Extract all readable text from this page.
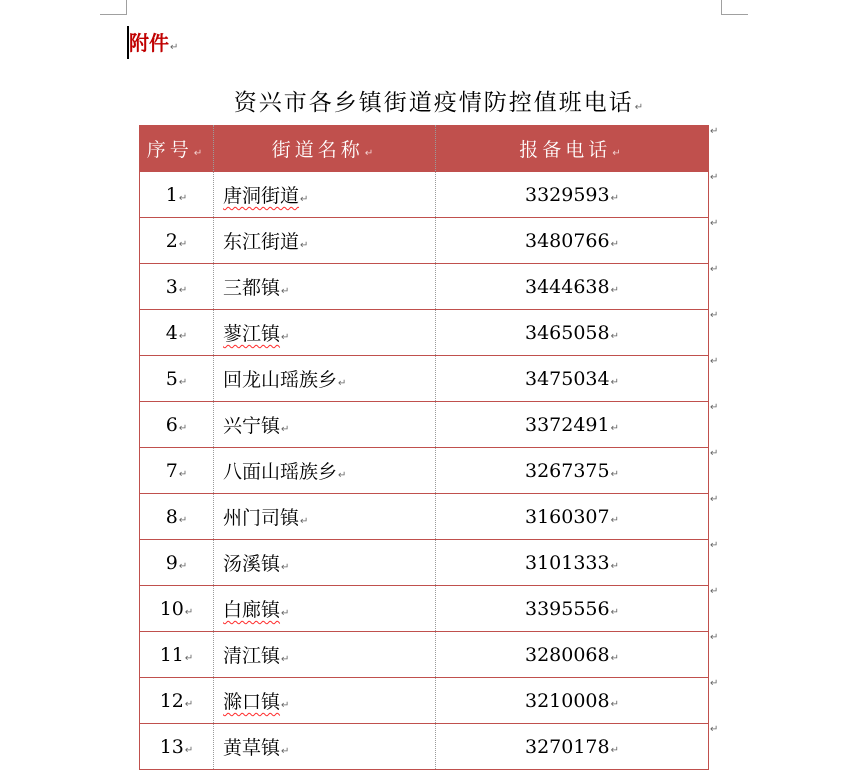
附件↵
资兴市各乡镇街道疫情防控值班电话↵
序号↵	街道名称↵	报备电话↵
1↵	唐洞街道↵	3329593↵
2↵	东江街道↵	3480766↵
3↵	三都镇↵	3444638↵
4↵	蓼江镇↵	3465058↵
5↵	回龙山瑶族乡↵	3475034↵
6↵	兴宁镇↵	3372491↵
7↵	八面山瑶族乡↵	3267375↵
8↵	州门司镇↵	3160307↵
9↵	汤溪镇↵	3101333↵
10↵	白廊镇↵	3395556↵
11↵	清江镇↵	3280068↵
12↵	滁口镇↵	3210008↵
13↵	黄草镇↵	3270178↵
↵
↵
↵
↵
↵
↵
↵
↵
↵
↵
↵
↵
↵
↵
